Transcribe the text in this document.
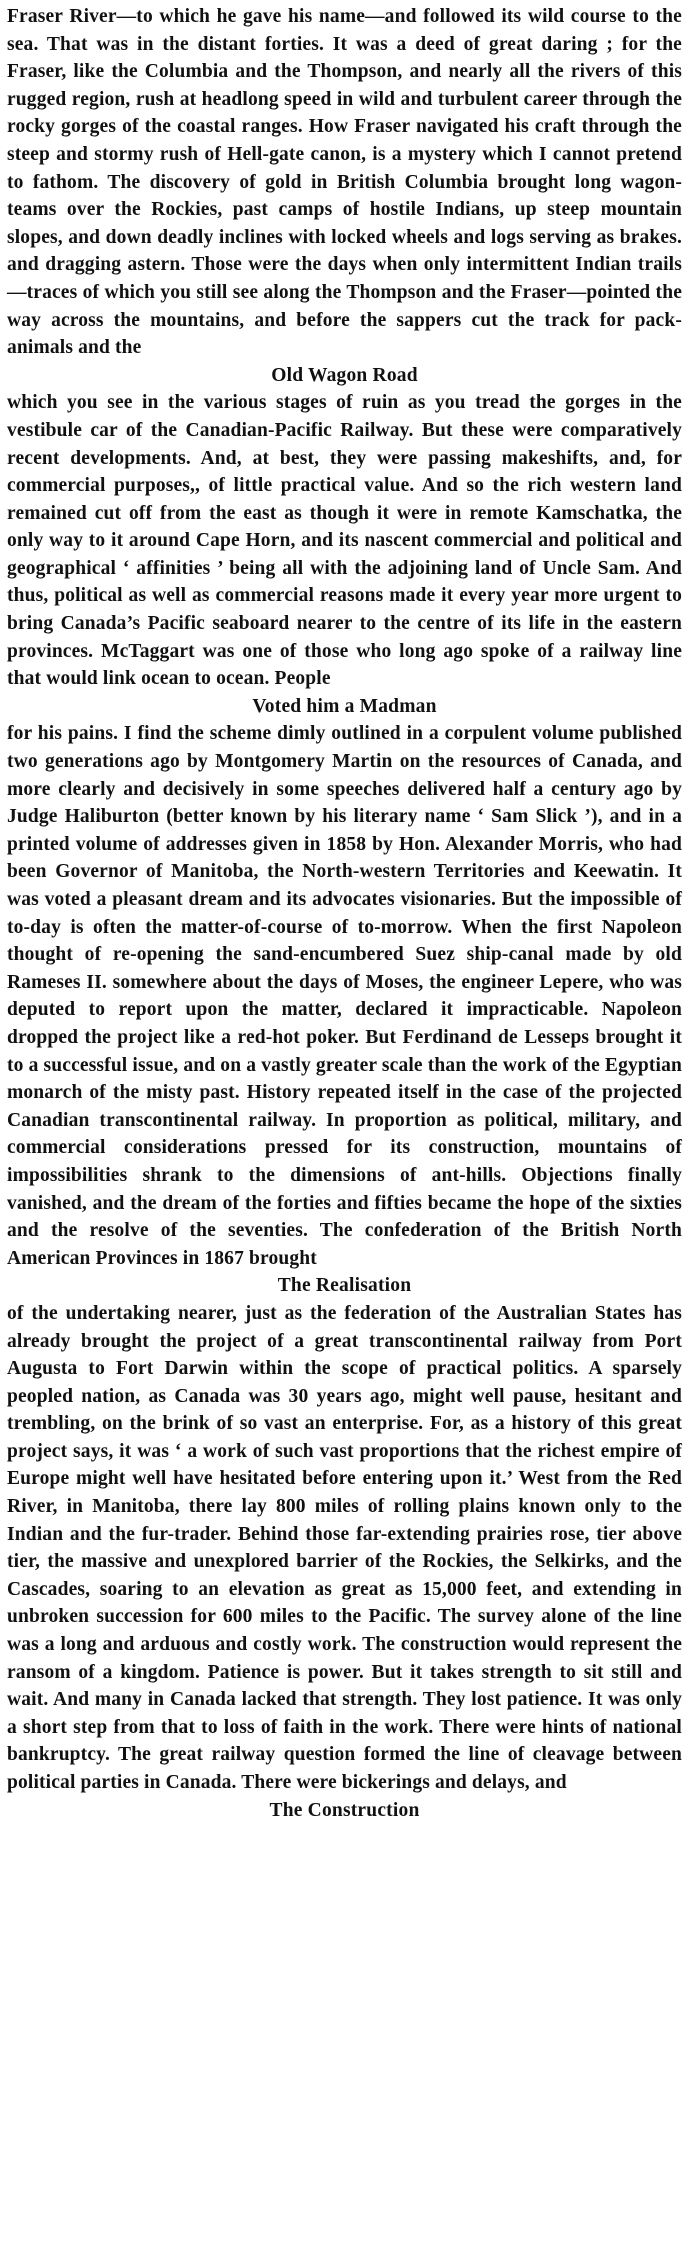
Fraser River—to which he gave his name—and followed its wild course to the sea. That was in the distant forties. It was a deed of great daring ; for the Fraser, like the Columbia and the Thompson, and nearly all the rivers of this rugged region, rush at headlong speed in wild and turbulent career through the rocky gorges of the coastal ranges. How Fraser navigated his craft through the steep and stormy rush of Hell-gate canon, is a mystery which I cannot pretend to fathom. The discovery of gold in British Columbia brought long wagon-teams over the Rockies, past camps of hostile Indians, up steep mountain slopes, and down deadly inclines with locked wheels and logs serving as brakes. and dragging astern. Those were the days when only intermittent Indian trails—traces of which you still see along the Thompson and the Fraser—pointed the way across the mountains, and before the sappers cut the track for pack-animals and the

Old Wagon Road

which you see in the various stages of ruin as you tread the gorges in the vestibule car of the Canadian-Pacific Railway. But these were comparatively recent developments. And, at best, they were passing makeshifts, and, for commercial purposes,, of little practical value. And so the rich western land remained cut off from the east as though it were in remote Kamschatka, the only way to it around Cape Horn, and its nascent commercial and political and geographical ‘ affinities ’ being all with the adjoining land of Uncle Sam. And thus, political as well as commercial reasons made it every year more urgent to bring Canada’s Pacific seaboard nearer to the centre of its life in the eastern provinces. McTaggart was one of those who long ago spoke of a railway line that would link ocean to ocean. People

Voted him a Madman

for his pains. I find the scheme dimly outlined in a corpulent volume published two generations ago by Montgomery Martin on the resources of Canada, and more clearly and decisively in some speeches delivered half a century ago by Judge Haliburton (better known by his literary name ‘ Sam Slick ’), and in a printed volume of addresses given in 1858 by Hon. Alexander Morris, who had been Governor of Manitoba, the North-western Territories and Keewatin. It was voted a pleasant dream and its advocates visionaries. But the impossible of to-day is often the matter-of-course of to-morrow. When the first Napoleon thought of re-opening the sand-encumbered Suez ship-canal made by old Rameses II. somewhere about the days of Moses, the engineer Lepere, who was deputed to report upon the matter, declared it impracticable. Napoleon dropped the project like a red-hot poker. But Ferdinand de Lesseps brought it to a successful issue, and on a vastly greater scale than the work of the Egyptian monarch of the misty past. History repeated itself in the case of the projected Canadian transcontinental railway. In proportion as political, military, and commercial considerations pressed for its construction, mountains of impossibilities shrank to the dimensions of ant-hills. Objections finally vanished, and the dream of the forties and fifties became the hope of the sixties and the resolve of the seventies. The confederation of the British North American Provinces in 1867 brought

The Realisation

of the undertaking nearer, just as the federation of the Australian States has already brought the project of a great transcontinental railway from Port Augusta to Fort Darwin within the scope of practical politics. A sparsely peopled nation, as Canada was 30 years ago, might well pause, hesitant and trembling, on the brink of so vast an enterprise. For, as a history of this great project says, it was ‘ a work of such vast proportions that the richest empire of Europe might well have hesitated before entering upon it.’ West from the Red River, in Manitoba, there lay 800 miles of rolling plains known only to the Indian and the fur-trader. Behind those far-extending prairies rose, tier above tier, the massive and unexplored barrier of the Rockies, the Selkirks, and the Cascades, soaring to an elevation as great as 15,000 feet, and extending in unbroken succession for 600 miles to the Pacific. The survey alone of the line was a long and arduous and costly work. The construction would represent the ransom of a kingdom. Patience is power. But it takes strength to sit still and wait. And many in Canada lacked that strength. They lost patience. It was only a short step from that to loss of faith in the work. There were hints of national bankruptcy. The great railway question formed the line of cleavage between political parties in Canada. There were bickerings and delays, and

The Construction
